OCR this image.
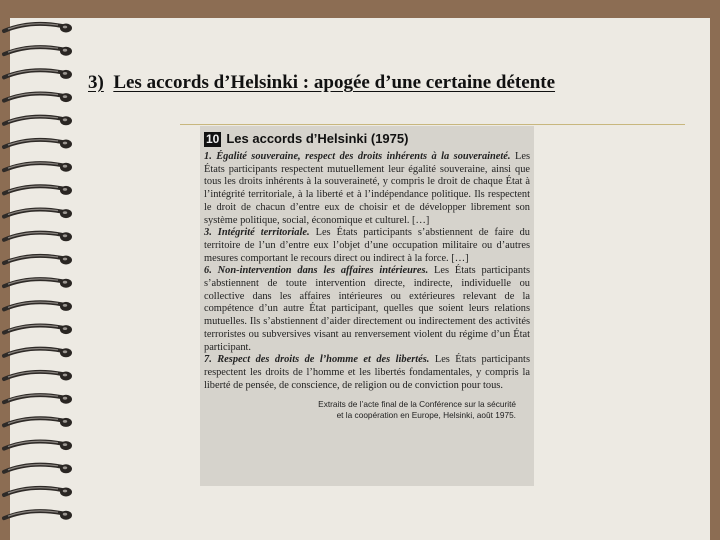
3) Les accords d’Helsinki : apogée d’une certaine détente
10 Les accords d’Helsinki (1975)

1. Égalité souveraine, respect des droits inhérents à la souveraineté. Les États participants respectent mutuellement leur égalité souveraine, ainsi que tous les droits inhérents à la souveraineté, y compris le droit de chaque État à l’intégrité territoriale, à la liberté et à l’indépendance politique. Ils respectent le droit de chacun d’entre eux de choisir et de développer librement son système politique, social, économique et culturel. […]

3. Intégrité territoriale. Les États participants s’abstiennent de faire du territoire de l’un d’entre eux l’objet d’une occupation militaire ou d’autres mesures comportant le recours direct ou indirect à la force. […]

6. Non-intervention dans les affaires intérieures. Les États participants s’abstiennent de toute intervention directe, indirecte, individuelle ou collective dans les affaires intérieures ou extérieures relevant de la compétence d’un autre État participant, quelles que soient leurs relations mutuelles. Ils s’abstiennent d’aider directement ou indirectement des activités terroristes ou subversives visant au renversement violent du régime d’un État participant.

7. Respect des droits de l’homme et des libertés. Les États participants respectent les droits de l’homme et les libertés fondamentales, y compris la liberté de pensée, de conscience, de religion ou de conviction pour tous.

Extraits de l’acte final de la Conférence sur la sécurité
et la coopération en Europe, Helsinki, août 1975.
